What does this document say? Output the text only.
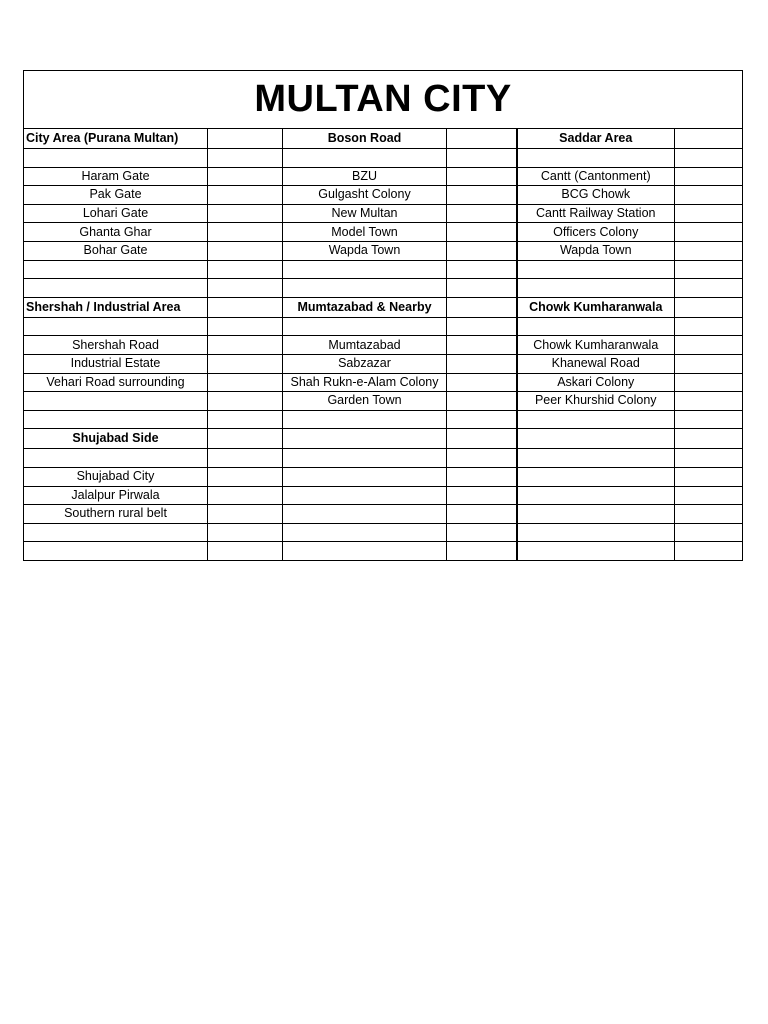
MULTAN CITY					
City Area (Purana Multan)		Boson Road		Saddar Area	

Haram Gate		BZU		Cantt (Cantonment)	
Pak Gate		Gulgasht Colony		BCG Chowk	
Lohari Gate		New Multan		Cantt Railway Station	
Ghanta Ghar		Model Town		Officers Colony	
Bohar Gate		Wapda Town		Wapda Town	

Shershah / Industrial Area		Mumtazabad & Nearby		Chowk Kumharanwala	

Shershah Road		Mumtazabad		Chowk Kumharanwala	
Industrial Estate		Sabzazar		Khanewal Road	
Vehari Road surrounding		Shah Rukn-e-Alam Colony		Askari Colony	
		Garden Town		Peer Khurshid Colony	

Shujabad Side					

Shujabad City					
Jalalpur Pirwala					
Southern rural belt					
